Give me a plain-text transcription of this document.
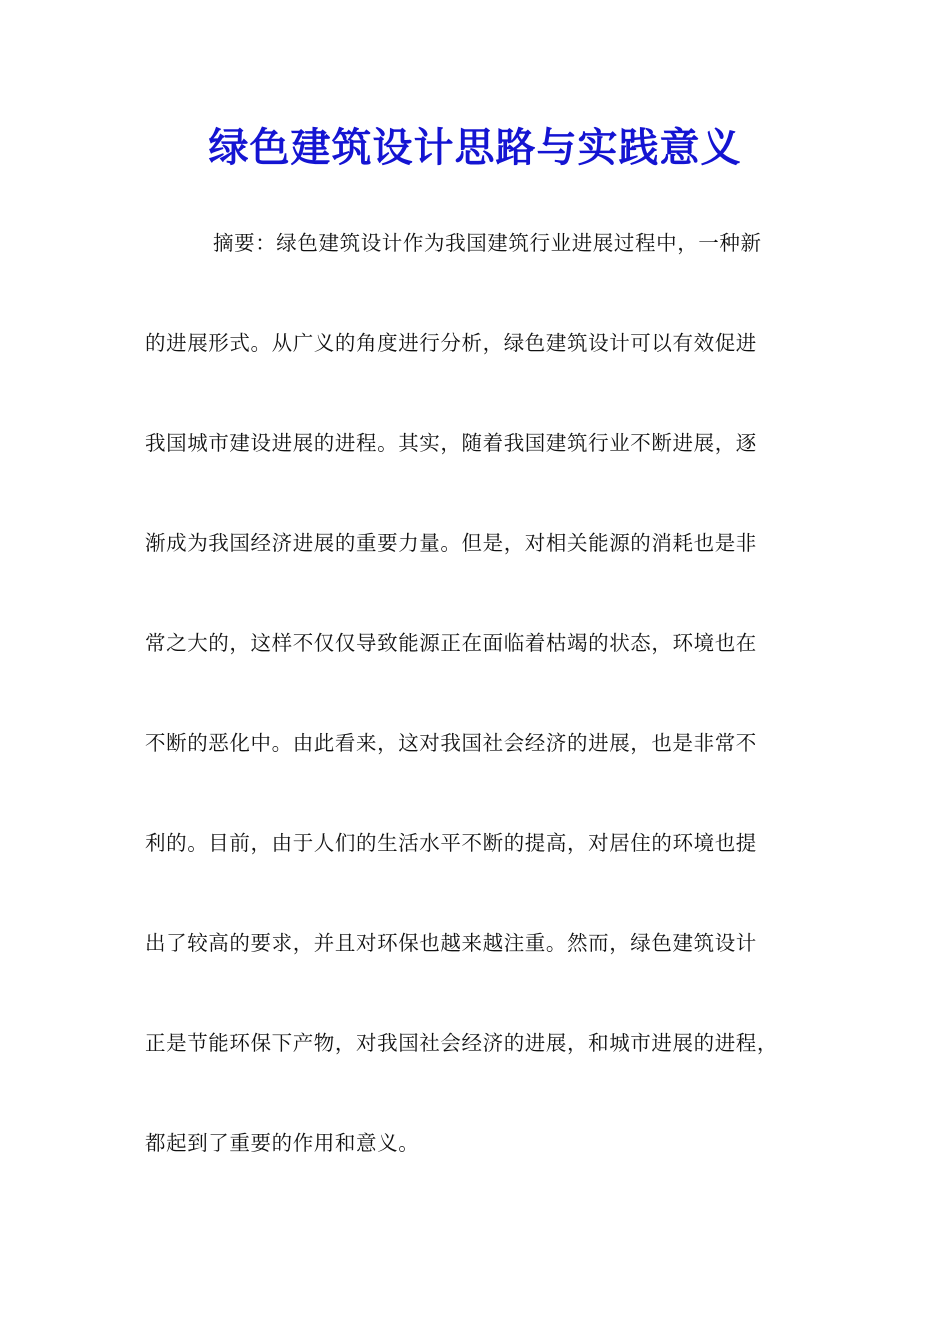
绿色建筑设计思路与实践意义
摘要：绿色建筑设计作为我国建筑行业进展过程中，一种新
的进展形式。从广义的角度进行分析，绿色建筑设计可以有效促进
我国城市建设进展的进程。其实，随着我国建筑行业不断进展，逐
渐成为我国经济进展的重要力量。但是，对相关能源的消耗也是非
常之大的，这样不仅仅导致能源正在面临着枯竭的状态，环境也在
不断的恶化中。由此看来，这对我国社会经济的进展，也是非常不
利的。目前，由于人们的生活水平不断的提高，对居住的环境也提
出了较高的要求，并且对环保也越来越注重。然而，绿色建筑设计
正是节能环保下产物，对我国社会经济的进展，和城市进展的进程，
都起到了重要的作用和意义。
